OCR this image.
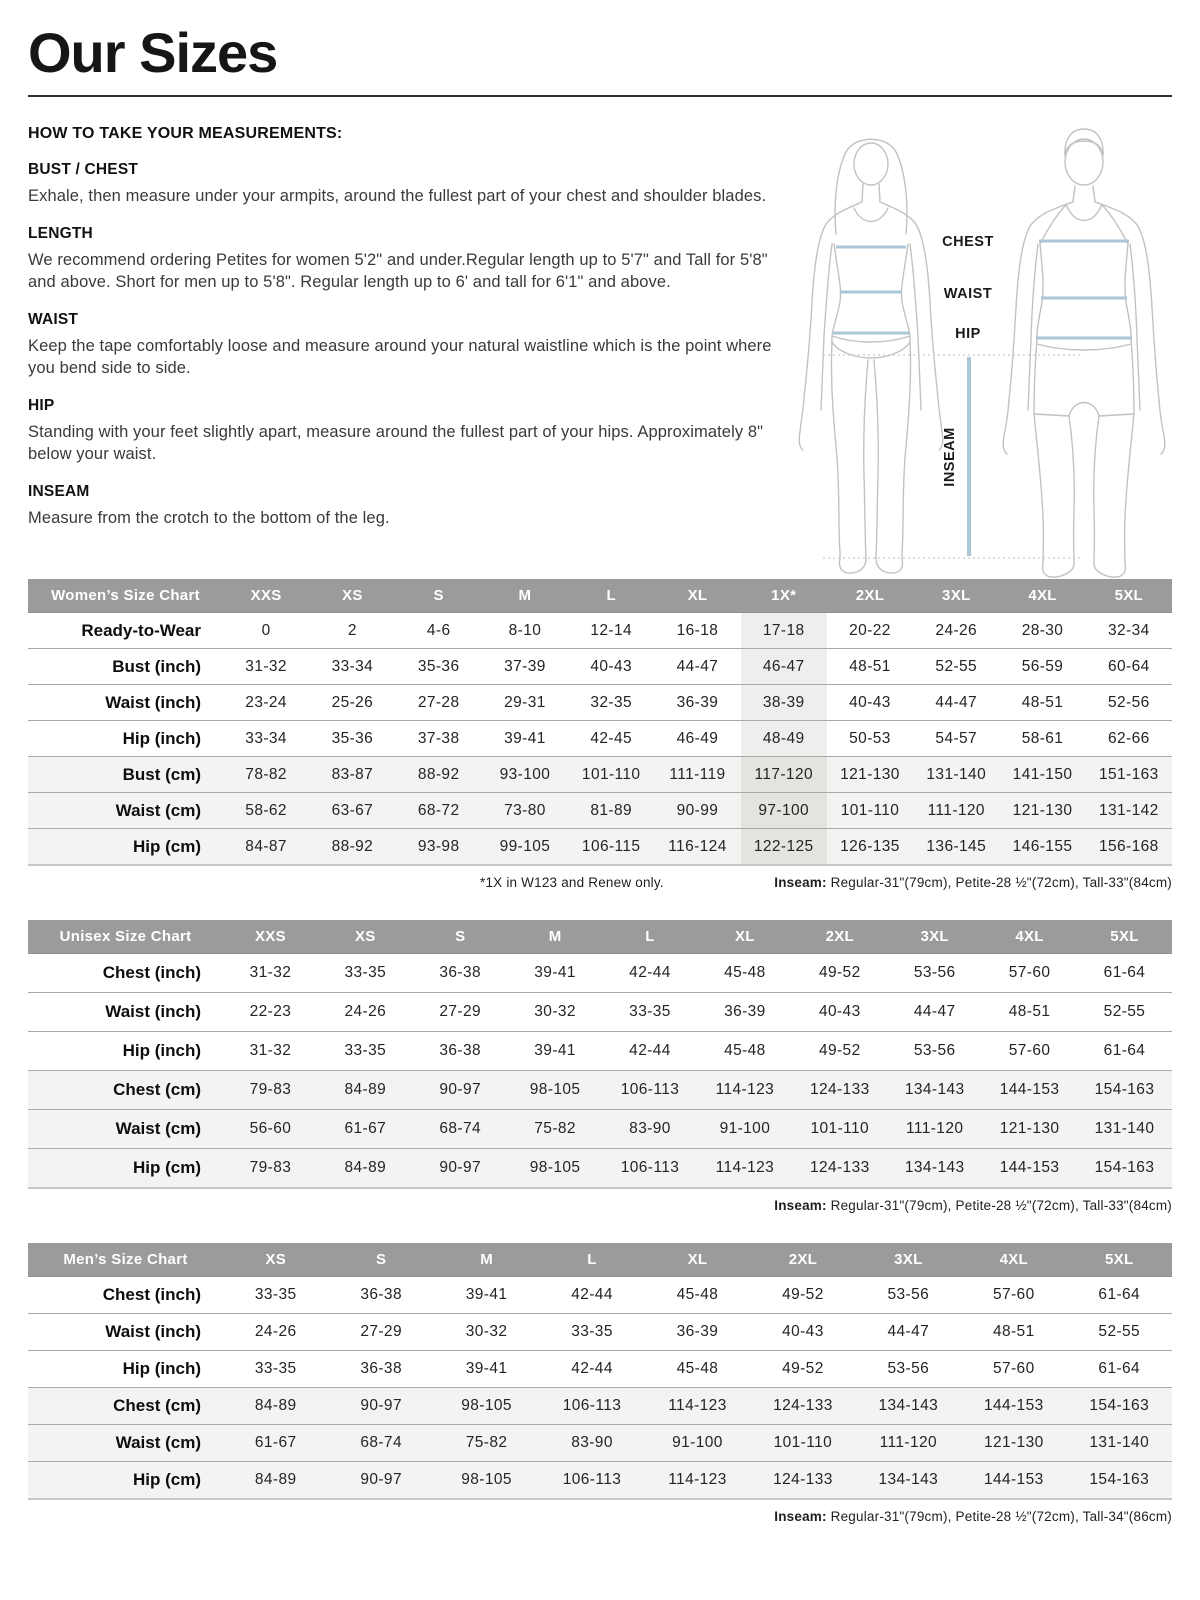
Our Sizes
HOW TO TAKE YOUR MEASUREMENTS:
BUST / CHEST

Exhale, then measure under your armpits, around the fullest part of your chest and shoulder blades.

LENGTH

We recommend ordering Petites for women 5'2" and under.Regular length up to 5'7" and Tall for 5'8" and above. Short for men up to 5'8". Regular length up to 6' and tall for 6'1" and above.

WAIST

Keep the tape comfortably loose and measure around your natural waistline which is the point where you bend side to side.

HIP

Standing with your feet slightly apart, measure around the fullest part of your hips. Approximately 8" below your waist.

INSEAM

Measure from the crotch to the bottom of the leg.

Women’s Size Chart	XXS	XS	S	M	L	XL	1X*	2XL	3XL	4XL	5XL
Ready-to-Wear	0	2	4-6	8-10	12-14	16-18	17-18	20-22	24-26	28-30	32-34
Bust (inch)	31-32	33-34	35-36	37-39	40-43	44-47	46-47	48-51	52-55	56-59	60-64
Waist (inch)	23-24	25-26	27-28	29-31	32-35	36-39	38-39	40-43	44-47	48-51	52-56
Hip (inch)	33-34	35-36	37-38	39-41	42-45	46-49	48-49	50-53	54-57	58-61	62-66
Bust (cm)	78-82	83-87	88-92	93-100	101-110	111-119	117-120	121-130	131-140	141-150	151-163
Waist (cm)	58-62	63-67	68-72	73-80	81-89	90-99	97-100	101-110	111-120	121-130	131-142
Hip (cm)	84-87	88-92	93-98	99-105	106-115	116-124	122-125	126-135	136-145	146-155	156-168
*1X in W123 and Renew only.	Inseam: Regular-31"(79cm), Petite-28 ½"(72cm), Tall-33"(84cm)
Unisex Size Chart	XXS	XS	S	M	L	XL	2XL	3XL	4XL	5XL
Chest (inch)	31-32	33-35	36-38	39-41	42-44	45-48	49-52	53-56	57-60	61-64
Waist (inch)	22-23	24-26	27-29	30-32	33-35	36-39	40-43	44-47	48-51	52-55
Hip (inch)	31-32	33-35	36-38	39-41	42-44	45-48	49-52	53-56	57-60	61-64
Chest (cm)	79-83	84-89	90-97	98-105	106-113	114-123	124-133	134-143	144-153	154-163
Waist (cm)	56-60	61-67	68-74	75-82	83-90	91-100	101-110	111-120	121-130	131-140
Hip (cm)	79-83	84-89	90-97	98-105	106-113	114-123	124-133	134-143	144-153	154-163
Inseam: Regular-31"(79cm), Petite-28 ½"(72cm), Tall-33"(84cm)
Men’s Size Chart	XS	S	M	L	XL	2XL	3XL	4XL	5XL
Chest (inch)	33-35	36-38	39-41	42-44	45-48	49-52	53-56	57-60	61-64
Waist (inch)	24-26	27-29	30-32	33-35	36-39	40-43	44-47	48-51	52-55
Hip (inch)	33-35	36-38	39-41	42-44	45-48	49-52	53-56	57-60	61-64
Chest (cm)	84-89	90-97	98-105	106-113	114-123	124-133	134-143	144-153	154-163
Waist (cm)	61-67	68-74	75-82	83-90	91-100	101-110	111-120	121-130	131-140
Hip (cm)	84-89	90-97	98-105	106-113	114-123	124-133	134-143	144-153	154-163
Inseam: Regular-31"(79cm), Petite-28 ½"(72cm), Tall-34"(86cm)
CHEST
WAIST
HIP
INSEAM
